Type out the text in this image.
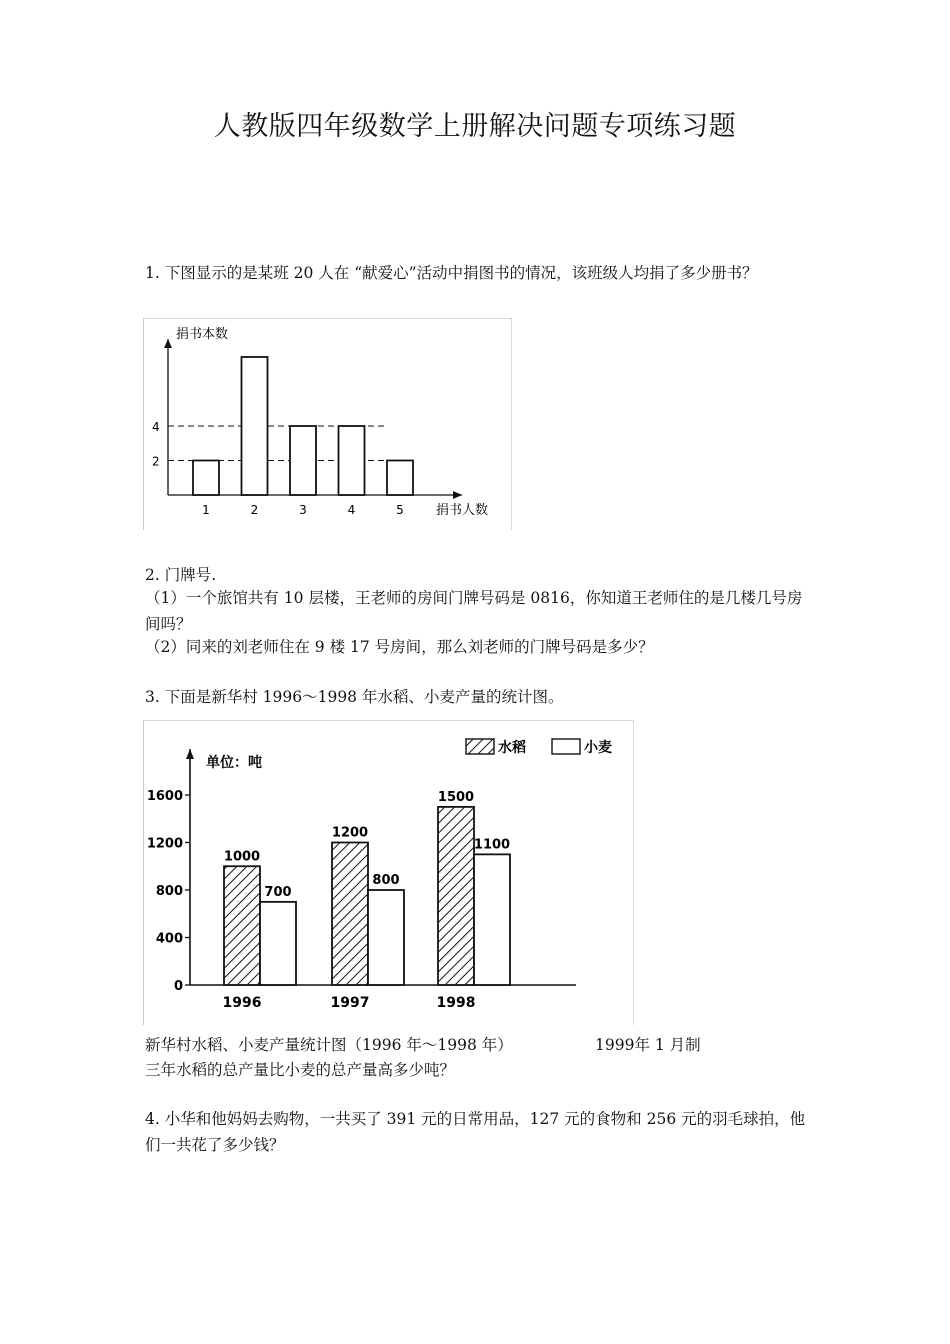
人教版四年级数学上册解决问题专项练习题

1. 下图显示的是某班 20 人在 “献爱心”活动中捐图书的情况，该班级人均捐了多少册书？

捐书本数
捐书人数
2
4
1	2	3	4	5

2. 门牌号.

（1）一个旅馆共有 10 层楼，王老师的房间门牌号码是 0816，你知道王老师住的是几楼几号房间吗？

（2）同来的刘老师住在 9 楼 17 号房间，那么刘老师的门牌号码是多少？

3. 下面是新华村 1996～1998 年水稻、小麦产量的统计图。

单位：吨
0
400
800
1200
1600
水稻	小麦
1000
700
1996
1200
800
1997
1500
1100
1998

新华村水稻、小麦产量统计图（1996 年～1998 年）	1999年 1 月制

三年水稻的总产量比小麦的总产量高多少吨？

4. 小华和他妈妈去购物，一共买了 391 元的日常用品，127 元的食物和 256 元的羽毛球拍，他们一共花了多少钱？
